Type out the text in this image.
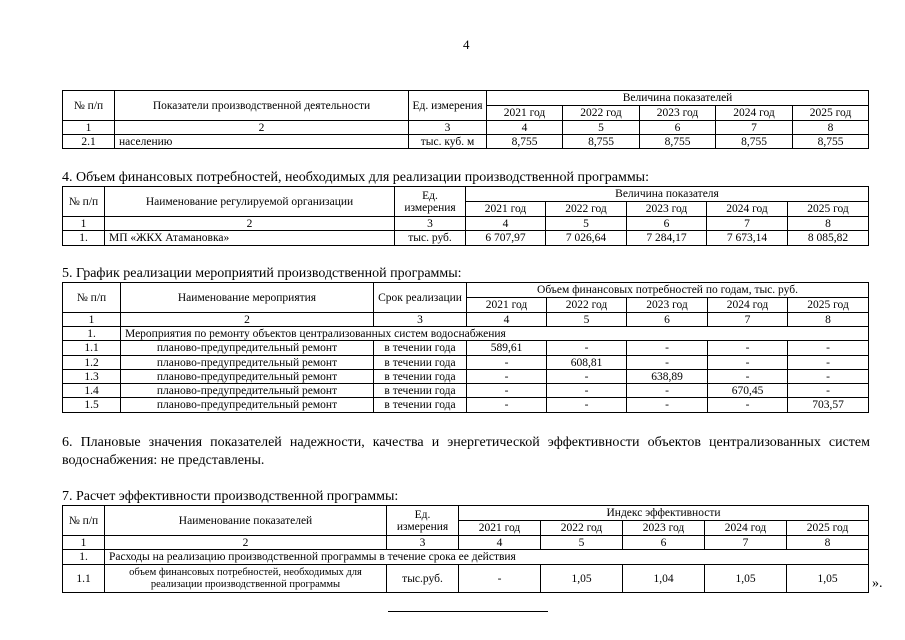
4
№ п/п	Показатели производственной деятельности	Ед. измерения	Величина показателей				
			2021 год	2022 год	2023 год	2024 год	2025 год
1	2	3	4	5	6	7	8
2.1	населению	тыс. куб. м	8,755	8,755	8,755	8,755	8,755
4. Объем финансовых потребностей, необходимых для реализации производственной программы:
№ п/п	Наименование регулируемой организации	Ед. измерения	Величина показателя				
			2021 год	2022 год	2023 год	2024 год	2025 год
1	2	3	4	5	6	7	8
1.	МП «ЖКХ Атамановка»	тыс. руб.	6 707,97	7 026,64	7 284,17	7 673,14	8 085,82
5. График реализации мероприятий производственной программы:
№ п/п	Наименование мероприятия	Срок реализации	Объем финансовых потребностей по годам, тыс. руб.				
			2021 год	2022 год	2023 год	2024 год	2025 год
1	2	3	4	5	6	7	8
1.	Мероприятия по ремонту объектов централизованных систем водоснабжения						
1.1	планово-предупредительный ремонт	в течении года	589,61	-	-	-	-
1.2	планово-предупредительный ремонт	в течении года	-	608,81	-	-	-
1.3	планово-предупредительный ремонт	в течении года	-	-	638,89	-	-
1.4	планово-предупредительный ремонт	в течении года	-	-	-	670,45	-
1.5	планово-предупредительный ремонт	в течении года	-	-	-	-	703,57
6. Плановые значения показателей надежности, качества и энергетической эффективности объектов централизованных систем водоснабжения: не представлены.
7. Расчет эффективности производственной программы:
№ п/п	Наименование показателей	Ед. измерения	Индекс эффективности				
			2021 год	2022 год	2023 год	2024 год	2025 год
1	2	3	4	5	6	7	8
1.	Расходы на реализацию производственной программы в течение срока ее действия						
1.1	объем финансовых потребностей, необходимых для реализации производственной программы	тыс.руб.	-	1,05	1,04	1,05	1,05 ».
